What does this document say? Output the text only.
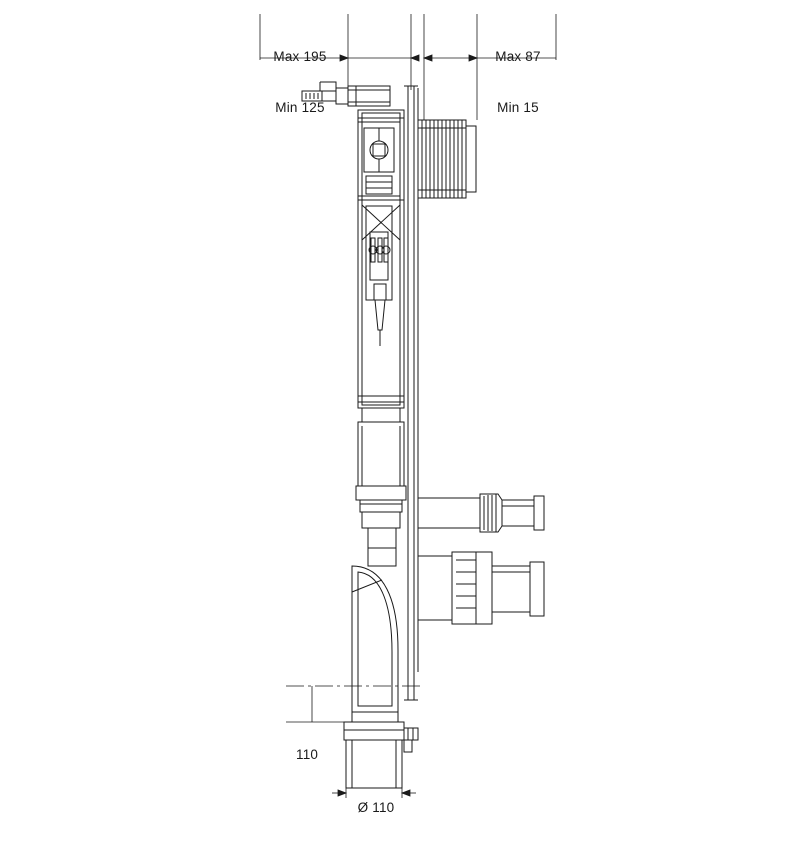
Max 195

Min 125

Max 87

Min 15

110

Ø 110
